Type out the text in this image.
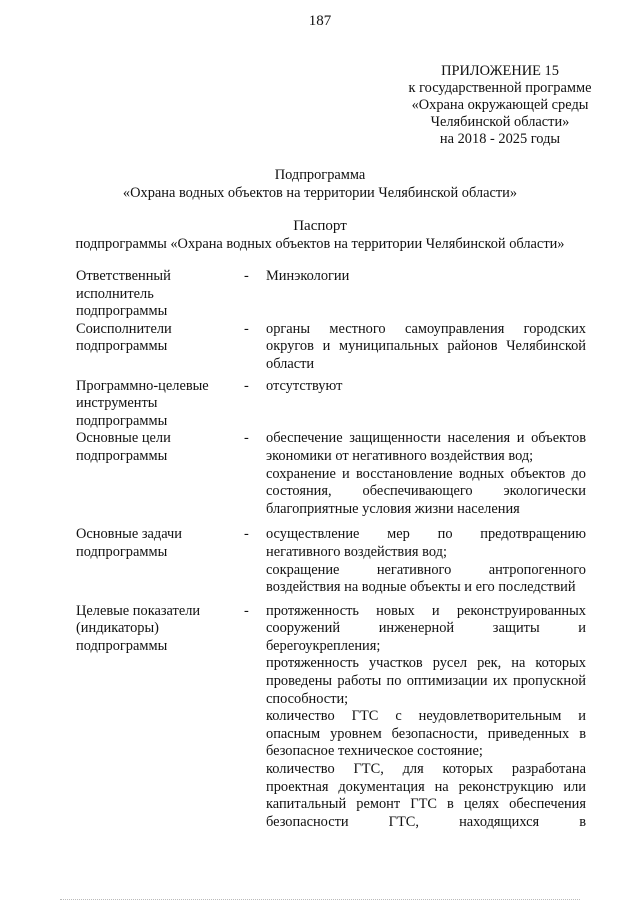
187
ПРИЛОЖЕНИЕ 15
к государственной программе
«Охрана окружающей среды
Челябинской области»
на 2018 - 2025 годы
Подпрограмма
«Охрана водных объектов на территории Челябинской области»
Паспорт
подпрограммы «Охрана водных объектов на территории Челябинской области»
Ответственный
исполнитель
подпрограммы
-	Минэкологии

Соисполнители
подпрограммы
-	органы местного самоуправления городских округов и муниципальных районов Челябинской области

Программно-целевые
инструменты
подпрограммы
-	отсутствуют

Основные цели
подпрограммы
-	обеспечение защищенности населения и объектов экономики от негативного воздействия вод;

сохранение и восстановление водных объектов до состояния, обеспечивающего экологически благоприятные условия жизни населения

Основные задачи
подпрограммы
-	осуществление мер по предотвращению негативного воздействия вод;

сокращение негативного антропогенного воздействия на водные объекты и его последствий

Целевые показатели
(индикаторы)
подпрограммы
-	протяженность новых и реконструированных сооружений инженерной защиты и берегоукрепления;

протяженность участков русел рек, на которых проведены работы по оптимизации их пропускной способности;

количество ГТС с неудовлетворительным и опасным уровнем безопасности, приведенных в безопасное техническое состояние;

количество ГТС, для которых разработана проектная документация на реконструкцию или капитальный ремонт ГТС в целях обеспечения безопасности ГТС, находящихся в
